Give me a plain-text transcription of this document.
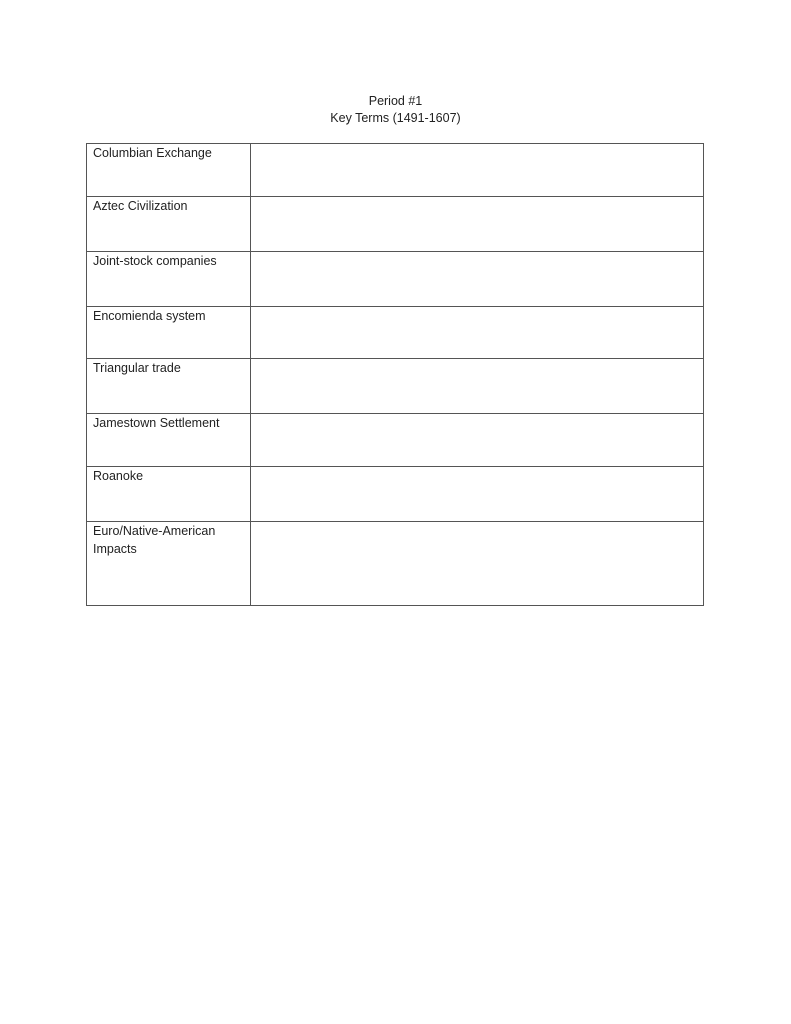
Period #1
Key Terms (1491-1607)
Columbian Exchange	
Aztec Civilization	
Joint-stock companies	
Encomienda system	
Triangular trade	
Jamestown Settlement	
Roanoke	
Euro/Native-American Impacts	
